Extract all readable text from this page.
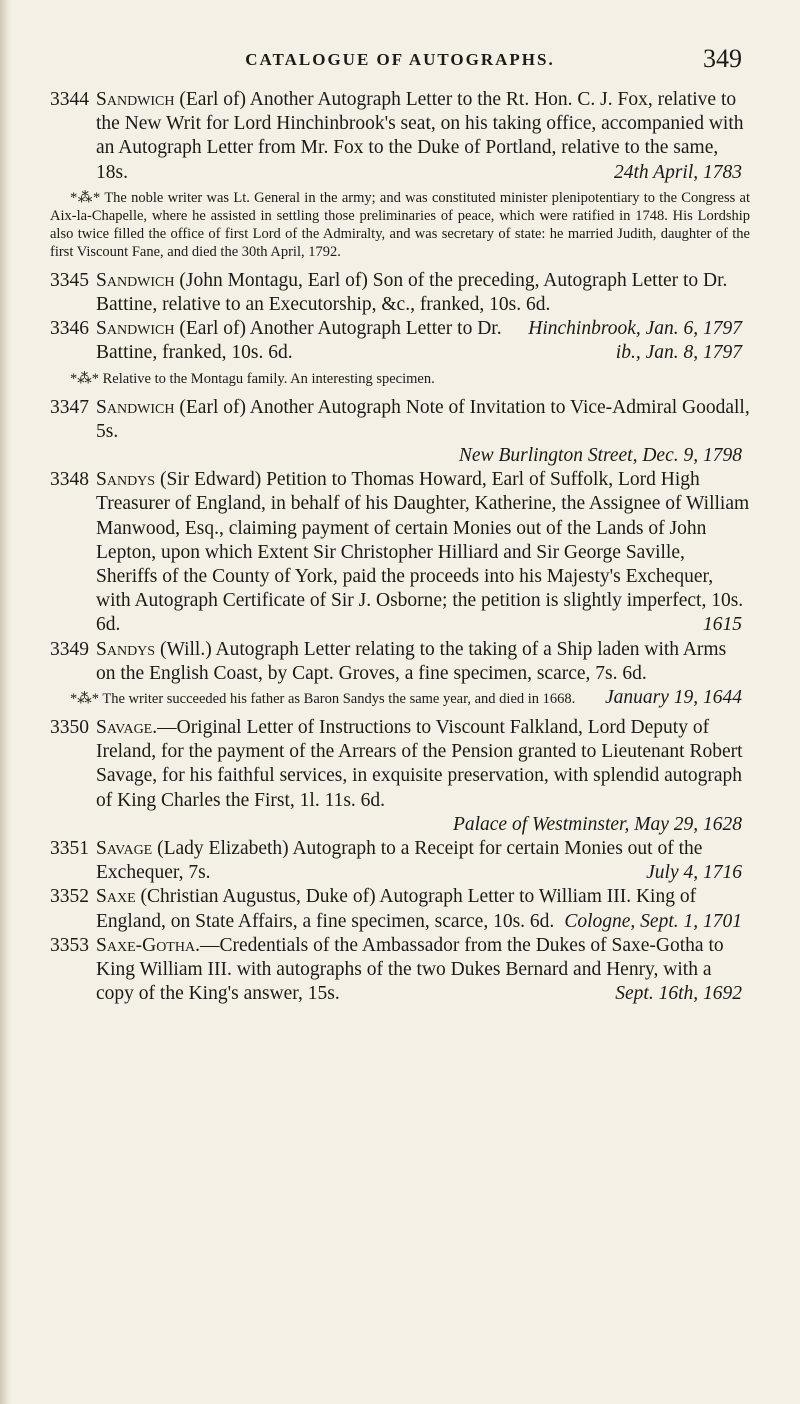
CATALOGUE OF AUTOGRAPHS.	349
3344 Sandwich (Earl of) Another Autograph Letter to the Rt. Hon. C. J. Fox, relative to the New Writ for Lord Hinchinbrook's seat, on his taking office, accompanied with an Autograph Letter from Mr. Fox to the Duke of Portland, relative to the same, 18s.	24th April, 1783
*⁂* The noble writer was Lt. General in the army; and was constituted minister plenipotentiary to the Congress at Aix-la-Chapelle, where he assisted in settling those preliminaries of peace, which were ratified in 1748. His Lordship also twice filled the office of first Lord of the Admiralty, and was secretary of state: he married Judith, daughter of the first Viscount Fane, and died the 30th April, 1792.
3345 Sandwich (John Montagu, Earl of) Son of the preceding, Autograph Letter to Dr. Battine, relative to an Executorship, &c., franked, 10s. 6d.
Hinchinbrook, Jan. 6, 1797
3346 Sandwich (Earl of) Another Autograph Letter to Dr. Battine, franked, 10s. 6d.	ib., Jan. 8, 1797
*⁂* Relative to the Montagu family. An interesting specimen.
3347 Sandwich (Earl of) Another Autograph Note of Invitation to Vice-Admiral Goodall, 5s.
New Burlington Street, Dec. 9, 1798
3348 Sandys (Sir Edward) Petition to Thomas Howard, Earl of Suffolk, Lord High Treasurer of England, in behalf of his Daughter, Katherine, the Assignee of William Manwood, Esq., claiming payment of certain Monies out of the Lands of John Lepton, upon which Extent Sir Christopher Hilliard and Sir George Saville, Sheriffs of the County of York, paid the proceeds into his Majesty's Exchequer, with Autograph Certificate of Sir J. Osborne; the petition is slightly imperfect, 10s. 6d.	1615
3349 Sandys (Will.) Autograph Letter relating to the taking of a Ship laden with Arms on the English Coast, by Capt. Groves, a fine specimen, scarce, 7s. 6d.
January 19, 1644
*⁂* The writer succeeded his father as Baron Sandys the same year, and died in 1668.
3350 Savage.—Original Letter of Instructions to Viscount Falkland, Lord Deputy of Ireland, for the payment of the Arrears of the Pension granted to Lieutenant Robert Savage, for his faithful services, in exquisite preservation, with splendid autograph of King Charles the First, 1l. 11s. 6d.
Palace of Westminster, May 29, 1628
3351 Savage (Lady Elizabeth) Autograph to a Receipt for certain Monies out of the Exchequer, 7s.	July 4, 1716
3352 Saxe (Christian Augustus, Duke of) Autograph Letter to William III. King of England, on State Affairs, a fine specimen, scarce, 10s. 6d. Cologne, Sept. 1, 1701
3353 Saxe-Gotha.—Credentials of the Ambassador from the Dukes of Saxe-Gotha to King William III. with autographs of the two Dukes Bernard and Henry, with a copy of the King's answer, 15s.	Sept. 16th, 1692
